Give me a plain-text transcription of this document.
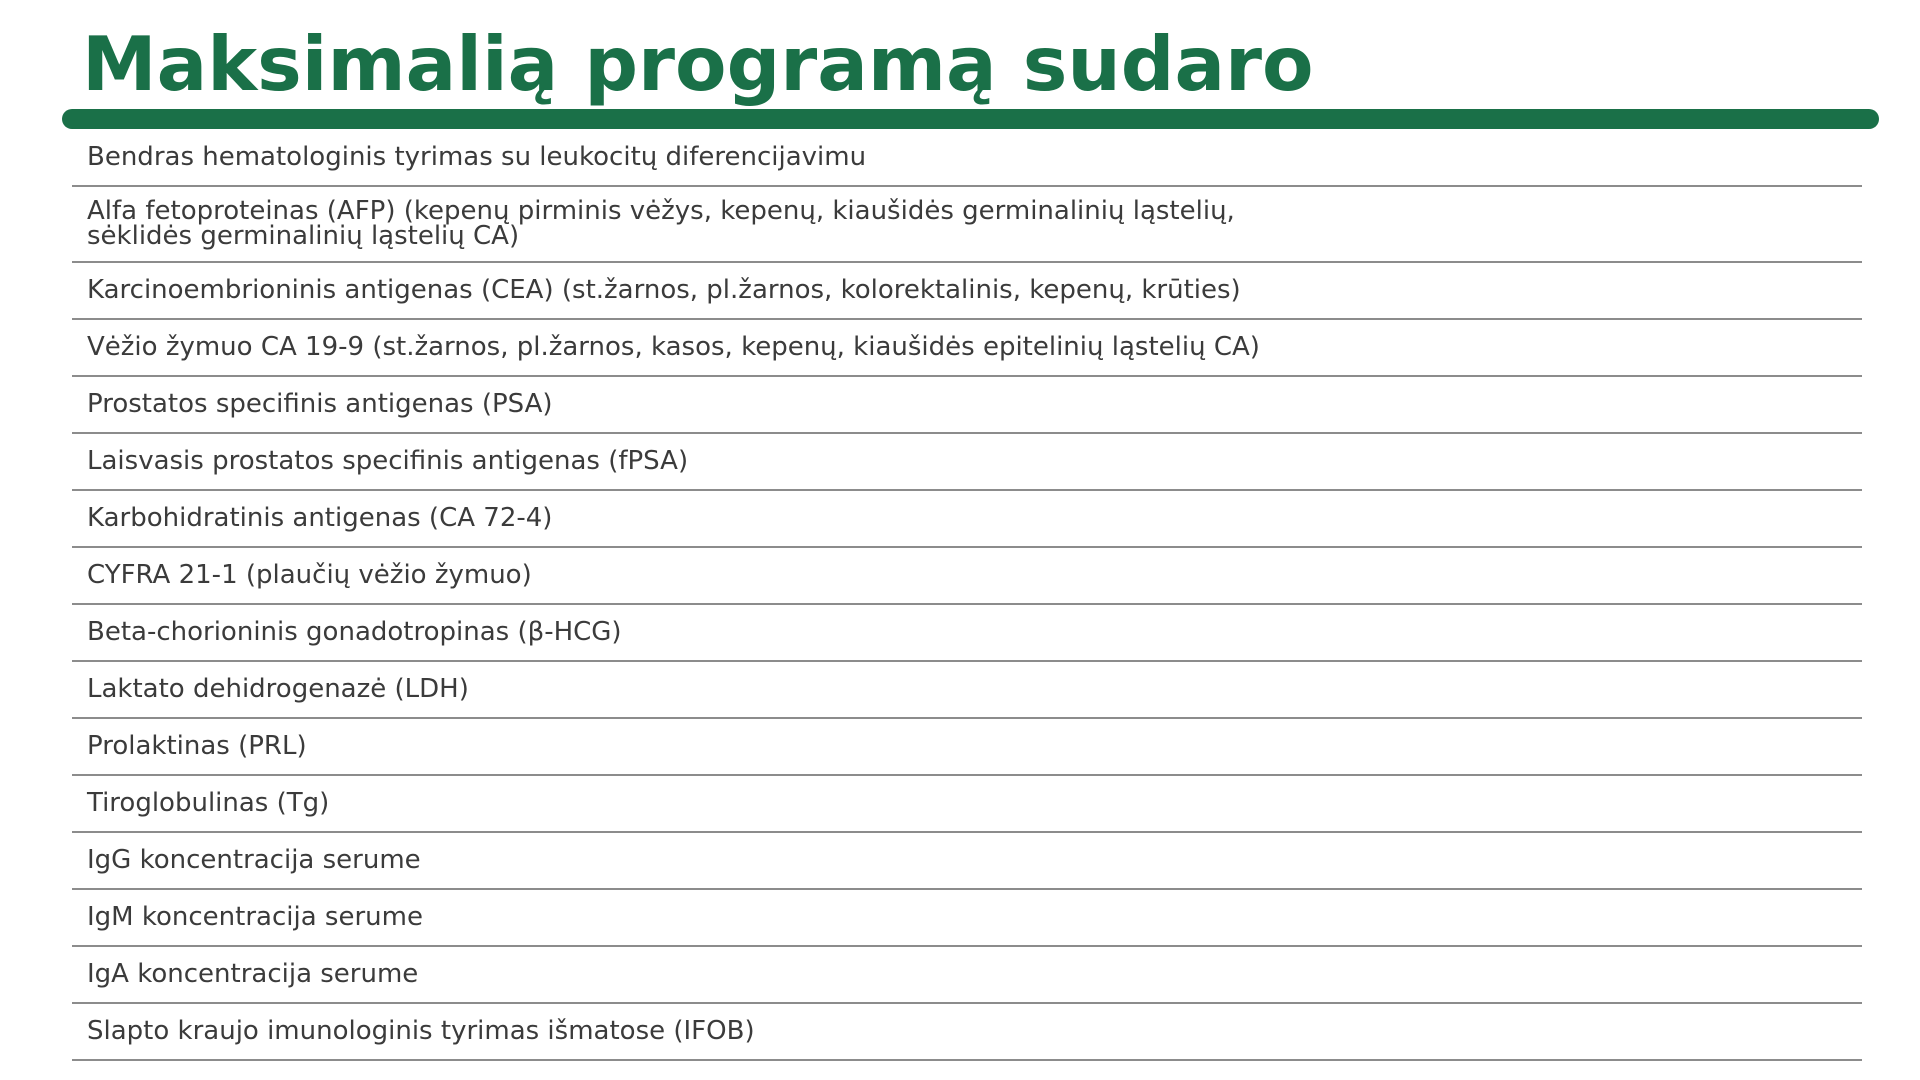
Maksimalią programą sudaro
Bendras hematologinis tyrimas su leukocitų diferencijavimu
Alfa fetoproteinas (AFP) (kepenų pirminis vėžys, kepenų, kiaušidės germinalinių ląstelių,
sėklidės germinalinių ląstelių CA)
Karcinoembrioninis antigenas (CEA) (st.žarnos, pl.žarnos, kolorektalinis, kepenų, krūties)
Vėžio žymuo CA 19-9 (st.žarnos, pl.žarnos, kasos, kepenų, kiaušidės epitelinių ląstelių CA)
Prostatos specifinis antigenas (PSA)
Laisvasis prostatos specifinis antigenas (fPSA)
Karbohidratinis antigenas (CA 72-4)
CYFRA 21-1 (plaučių vėžio žymuo)
Beta-chorioninis gonadotropinas (β-HCG)
Laktato dehidrogenazė (LDH)
Prolaktinas (PRL)
Tiroglobulinas (Tg)
IgG koncentracija serume
IgM koncentracija serume
IgA koncentracija serume
Slapto kraujo imunologinis tyrimas išmatose (IFOB)
